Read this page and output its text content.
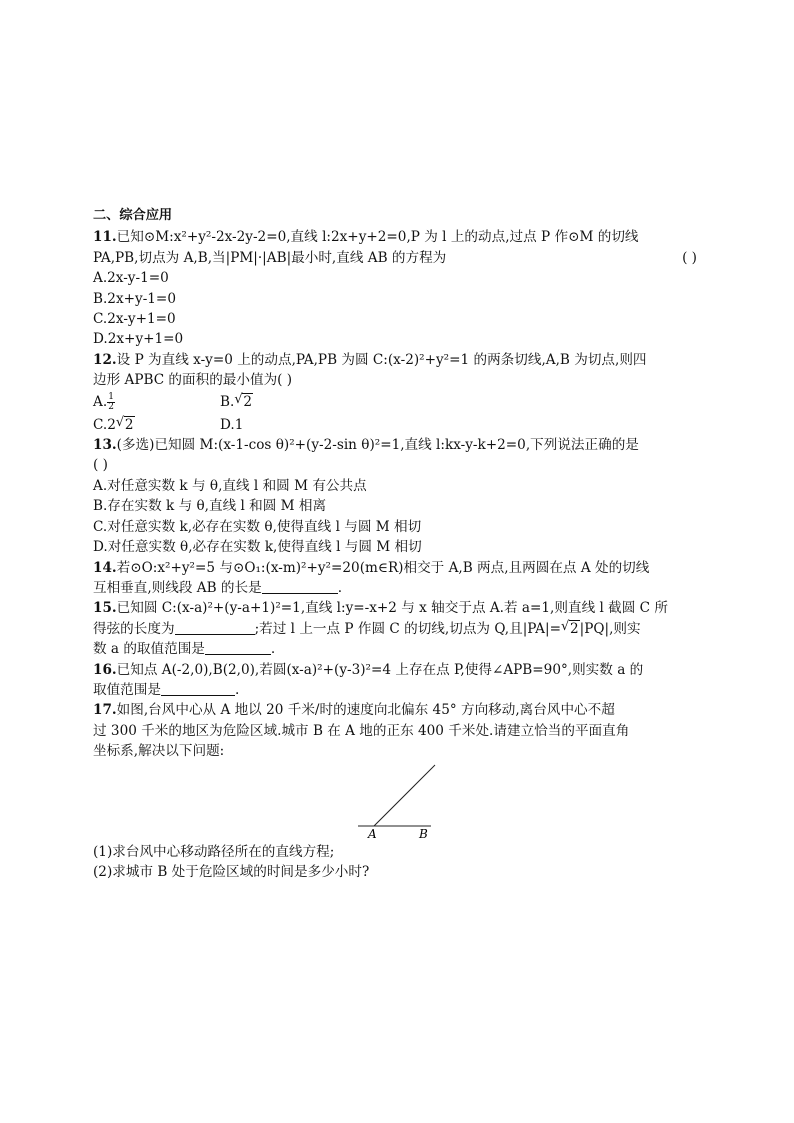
二、综合应用
11.已知⊙M:x²+y²-2x-2y-2=0,直线 l:2x+y+2=0,P 为 l 上的动点,过点 P 作⊙M 的切线
PA,PB,切点为 A,B,当|PM|·|AB|最小时,直线 AB 的方程为	( )
A.2x-y-1=0
B.2x+y-1=0
C.2x-y+1=0
D.2x+y+1=0
12.设 P 为直线 x-y=0 上的动点,PA,PB 为圆 C:(x-2)²+y²=1 的两条切线,A,B 为切点,则四
边形 APBC 的面积的最小值为( )
A. $\frac{1}{2}$	B. √ 2
C.2 √ 2	D.1
13.(多选)已知圆 M:(x-1-cos θ)²+(y-2-sin θ)²=1,直线 l:kx-y-k+2=0,下列说法正确的是
( )
A.对任意实数 k 与 θ,直线 l 和圆 M 有公共点
B.存在实数 k 与 θ,直线 l 和圆 M 相离
C.对任意实数 k,必存在实数 θ,使得直线 l 与圆 M 相切
D.对任意实数 θ,必存在实数 k,使得直线 l 与圆 M 相切
14.若⊙O:x²+y²=5 与⊙O₁:(x-m)²+y²=20(m∈R)相交于 A,B 两点,且两圆在点 A 处的切线
互相垂直,则线段 AB 的长是	.
15.已知圆 C:(x-a)²+(y-a+1)²=1,直线 l:y=-x+2 与 x 轴交于点 A.若 a=1,则直线 l 截圆 C 所
得弦的长度为	;若过 l 上一点 P 作圆 C 的切线,切点为 Q,且|PA|= √ 2|PQ|,则实
数 a 的取值范围是	.
16.已知点 A(-2,0),B(2,0),若圆(x-a)²+(y-3)²=4 上存在点 P,使得∠APB=90°,则实数 a 的
取值范围是	.
17.如图,台风中心从 A 地以 20 千米/时的速度向北偏东 45° 方向移动,离台风中心不超
过 300 千米的地区为危险区域.城市 B 在 A 地的正东 400 千米处.请建立恰当的平面直角
坐标系,解决以下问题:
A	B
(1)求台风中心移动路径所在的直线方程;
(2)求城市 B 处于危险区域的时间是多少小时?
